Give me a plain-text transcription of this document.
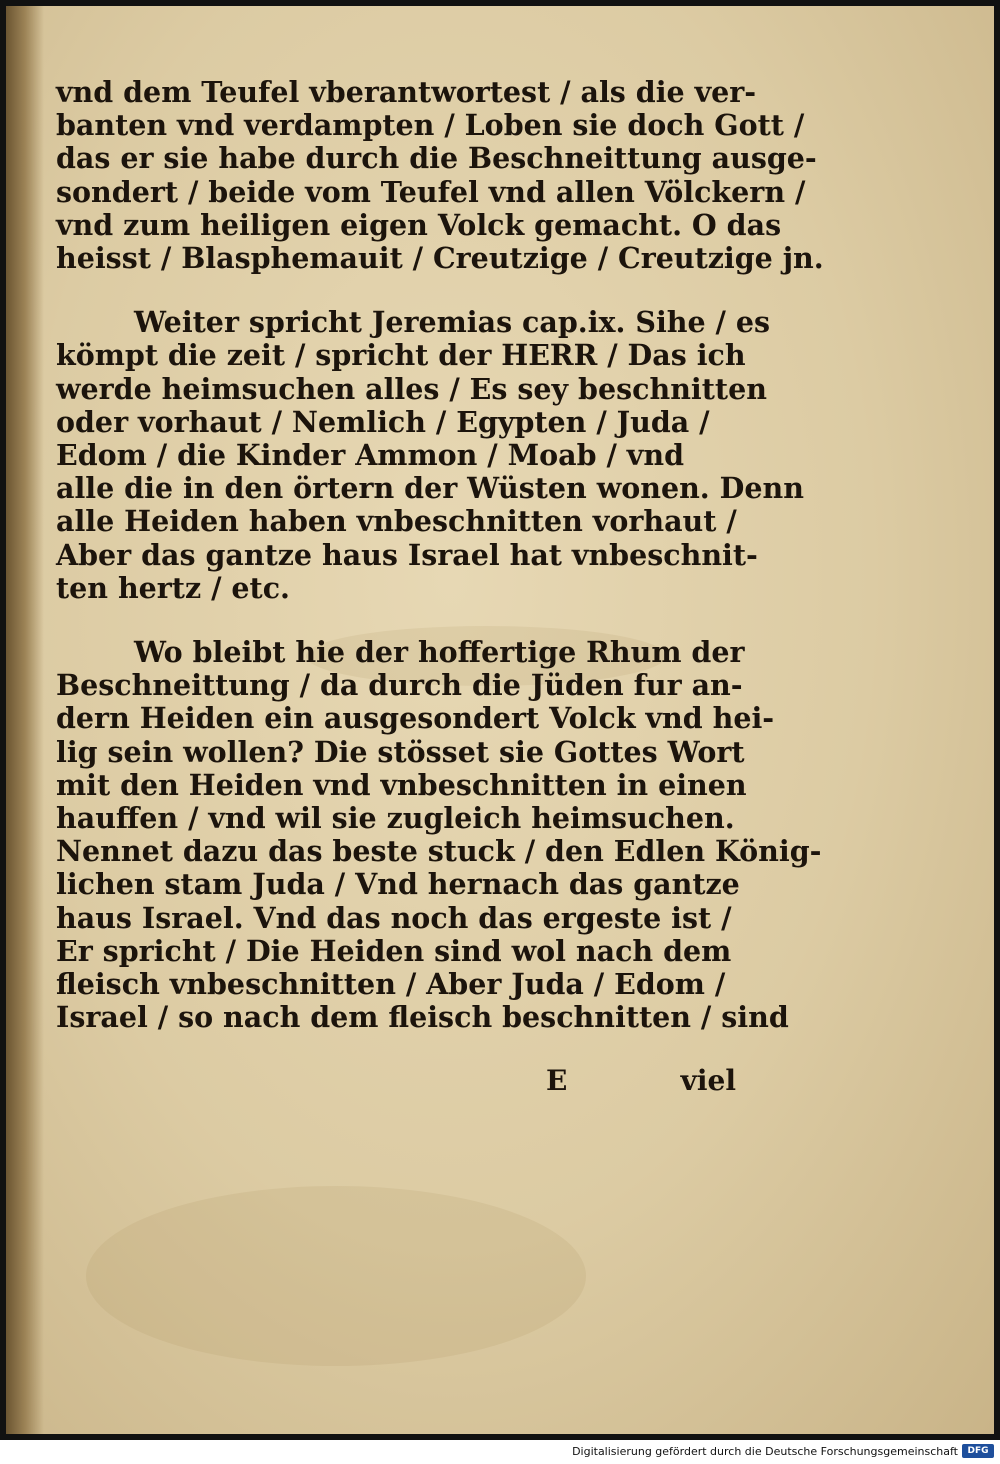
vnd dem Teufel vberantwortest / als die ver-
banten vnd verdampten / Loben sie doch Gott /
das er sie habe durch die Beschneittung ausge-
sondert / beide vom Teufel vnd allen Völckern /
vnd zum heiligen eigen Volck gemacht. O das
heisst / Blasphemauit / Creutzige / Creutzige jn.

Weiter spricht Jeremias cap.ix. Sihe / es
kömpt die zeit / spricht der HERR / Das ich
werde heimsuchen alles / Es sey beschnitten
oder vorhaut / Nemlich / Egypten / Juda /
Edom / die Kinder Ammon / Moab / vnd
alle die in den örtern der Wüsten wonen. Denn
alle Heiden haben vnbeschnitten vorhaut /
Aber das gantze haus Israel hat vnbeschnit-
ten hertz / etc.

Wo bleibt hie der hoffertige Rhum der
Beschneittung / da durch die Jüden fur an-
dern Heiden ein ausgesondert Volck vnd hei-
lig sein wollen? Die stösset sie Gottes Wort
mit den Heiden vnd vnbeschnitten in einen
hauffen / vnd wil sie zugleich heimsuchen.
Nennet dazu das beste stuck / den Edlen König-
lichen stam Juda / Vnd hernach das gantze
haus Israel. Vnd das noch das ergeste ist /
Er spricht / Die Heiden sind wol nach dem
fleisch vnbeschnitten / Aber Juda / Edom /
Israel / so nach dem fleisch beschnitten / sind

E	viel
Digitalisierung gefördert durch die Deutsche Forschungsgemeinschaft	DFG
